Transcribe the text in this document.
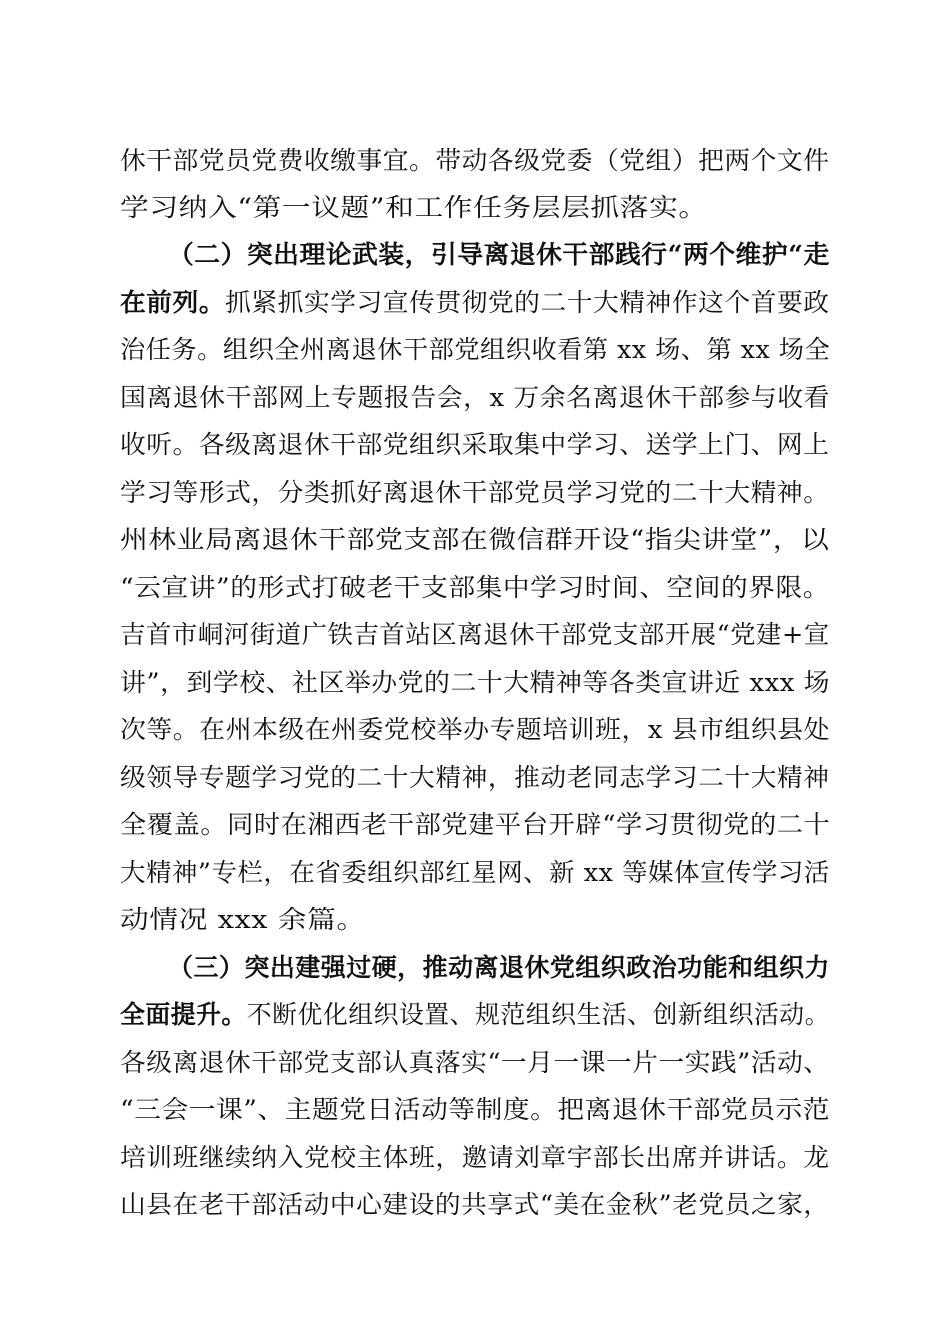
休干部党员党费收缴事宜。带动各级党委（党组）把两个文件
学习纳入“第一议题”和工作任务层层抓落实。
（二）突出理论武装，引导离退休干部践行“两个维护“走
在前列。抓紧抓实学习宣传贯彻党的二十大精神作这个首要政
治任务。组织全州离退休干部党组织收看第 xx 场、第 xx 场全
国离退休干部网上专题报告会，x 万余名离退休干部参与收看
收听。各级离退休干部党组织采取集中学习、送学上门、网上
学习等形式，分类抓好离退休干部党员学习党的二十大精神。
州林业局离退休干部党支部在微信群开设“指尖讲堂”，以
“云宣讲”的形式打破老干支部集中学习时间、空间的界限。
吉首市峒河街道广铁吉首站区离退休干部党支部开展“党建+宣
讲”，到学校、社区举办党的二十大精神等各类宣讲近 xxx 场
次等。在州本级在州委党校举办专题培训班，x 县市组织县处
级领导专题学习党的二十大精神，推动老同志学习二十大精神
全覆盖。同时在湘西老干部党建平台开辟“学习贯彻党的二十
大精神”专栏，在省委组织部红星网、新 xx 等媒体宣传学习活
动情况 xxx 余篇。
（三）突出建强过硬，推动离退休党组织政治功能和组织力
全面提升。不断优化组织设置、规范组织生活、创新组织活动。
各级离退休干部党支部认真落实“一月一课一片一实践”活动、
“三会一课”、主题党日活动等制度。把离退休干部党员示范
培训班继续纳入党校主体班，邀请刘章宇部长出席并讲话。龙
山县在老干部活动中心建设的共享式“美在金秋”老党员之家，
